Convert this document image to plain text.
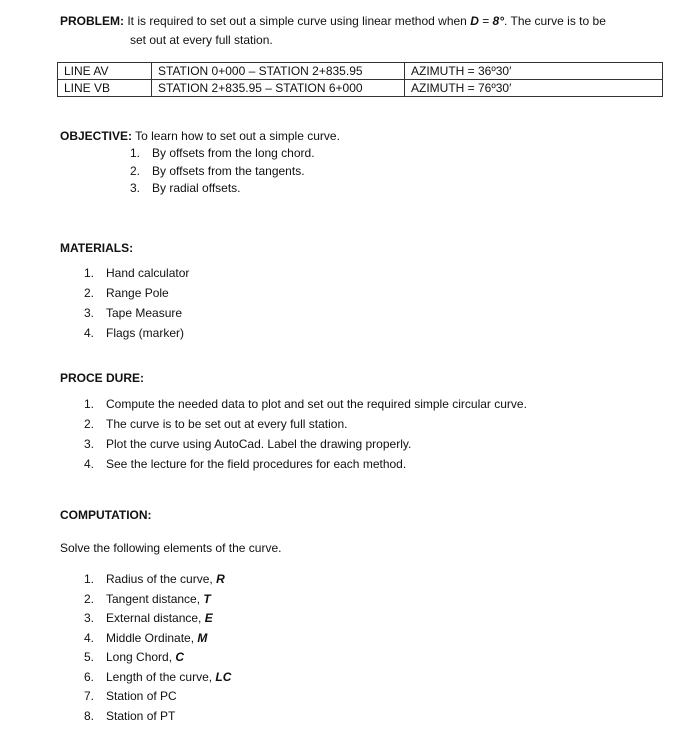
PROBLEM: It is required to set out a simple curve using linear method when D = 8°. The curve is to be
set out at every full station.
LINE AV	STATION 0+000 – STATION 2+835.95	AZIMUTH = 36º30′
LINE VB	STATION 2+835.95 – STATION 6+000	AZIMUTH = 76º30′
OBJECTIVE: To learn how to set out a simple curve.
1. By offsets from the long chord.
2. By offsets from the tangents.
3. By radial offsets.
MATERIALS:
1. Hand calculator
2. Range Pole
3. Tape Measure
4. Flags (marker)
PROCE DURE:
1. Compute the needed data to plot and set out the required simple circular curve.
2. The curve is to be set out at every full station.
3. Plot the curve using AutoCad. Label the drawing properly.
4. See the lecture for the field procedures for each method.
COMPUTATION:
Solve the following elements of the curve.
1. Radius of the curve, R
2. Tangent distance, T
3. External distance, E
4. Middle Ordinate, M
5. Long Chord, C
6. Length of the curve, LC
7. Station of PC
8. Station of PT
